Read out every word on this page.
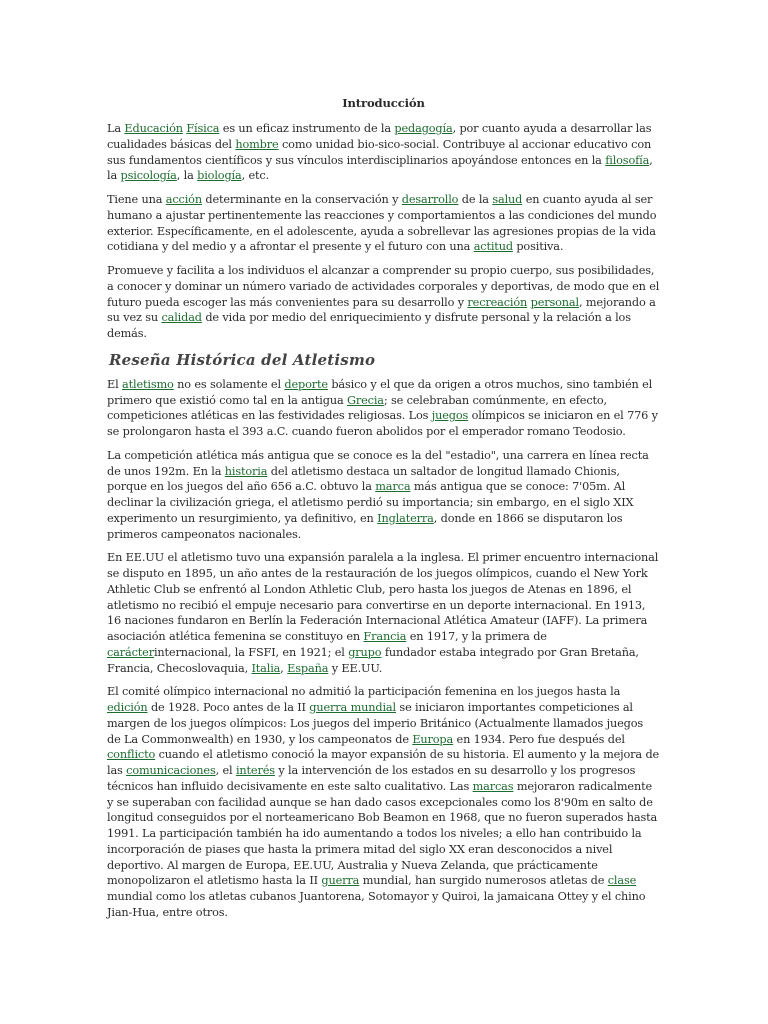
Introducción

La Educación Física es un eficaz instrumento de la pedagogía, por cuanto ayuda a desarrollar las cualidades básicas del hombre como unidad bio-sico-social. Contribuye al accionar educativo con sus fundamentos científicos y sus vínculos interdisciplinarios apoyándose entonces en la filosofía, la psicología, la biología, etc.

Tiene una acción determinante en la conservación y desarrollo de la salud en cuanto ayuda al ser humano a ajustar pertinentemente las reacciones y comportamientos a las condiciones del mundo exterior. Específicamente, en el adolescente, ayuda a sobrellevar las agresiones propias de la vida cotidiana y del medio y a afrontar el presente y el futuro con una actitud positiva.

Promueve y facilita a los individuos el alcanzar a comprender su propio cuerpo, sus posibilidades, a conocer y dominar un número variado de actividades corporales y deportivas, de modo que en el futuro pueda escoger las más convenientes para su desarrollo y recreación personal, mejorando a su vez su calidad de vida por medio del enriquecimiento y disfrute personal y la relación a los demás.

Reseña Histórica del Atletismo

El atletismo no es solamente el deporte básico y el que da origen a otros muchos, sino también el primero que existió como tal en la antigua Grecia; se celebraban comúnmente, en efecto, competiciones atléticas en las festividades religiosas. Los juegos olímpicos se iniciaron en el 776 y se prolongaron hasta el 393 a.C. cuando fueron abolidos por el emperador romano Teodosio.

La competición atlética más antigua que se conoce es la del "estadio", una carrera en línea recta de unos 192m. En la historia del atletismo destaca un saltador de longitud llamado Chionis, porque en los juegos del año 656 a.C. obtuvo la marca más antigua que se conoce: 7'05m. Al declinar la civilización griega, el atletismo perdió su importancia; sin embargo, en el siglo XIX experimento un resurgimiento, ya definitivo, en Inglaterra, donde en 1866 se disputaron los primeros campeonatos nacionales.

En EE.UU el atletismo tuvo una expansión paralela a la inglesa. El primer encuentro internacional se disputo en 1895, un año antes de la restauración de los juegos olímpicos, cuando el New York Athletic Club se enfrentó al London Athletic Club, pero hasta los juegos de Atenas en 1896, el atletismo no recibió el empuje necesario para convertirse en un deporte internacional. En 1913, 16 naciones fundaron en Berlín la Federación Internacional Atlética Amateur (IAFF). La primera asociación atlética femenina se constituyo en Francia en 1917, y la primera de carácterinternacional, la FSFI, en 1921; el grupo fundador estaba integrado por Gran Bretaña, Francia, Checoslovaquia, Italia, España y EE.UU.

El comité olímpico internacional no admitió la participación femenina en los juegos hasta la edición de 1928. Poco antes de la II guerra mundial se iniciaron importantes competiciones al margen de los juegos olímpicos: Los juegos del imperio Británico (Actualmente llamados juegos de La Commonwealth) en 1930, y los campeonatos de Europa en 1934. Pero fue después del conflicto cuando el atletismo conoció la mayor expansión de su historia. El aumento y la mejora de las comunicaciones, el interés y la intervención de los estados en su desarrollo y los progresos técnicos han influido decisivamente en este salto cualitativo. Las marcas mejoraron radicalmente y se superaban con facilidad aunque se han dado casos excepcionales como los 8'90m en salto de longitud conseguidos por el norteamericano Bob Beamon en 1968, que no fueron superados hasta 1991. La participación también ha ido aumentando a todos los niveles; a ello han contribuido la incorporación de piases que hasta la primera mitad del siglo XX eran desconocidos a nivel deportivo. Al margen de Europa, EE.UU, Australia y Nueva Zelanda, que prácticamente monopolizaron el atletismo hasta la II guerra mundial, han surgido numerosos atletas de clase mundial como los atletas cubanos Juantorena, Sotomayor y Quiroi, la jamaicana Ottey y el chino Jian-Hua, entre otros.
